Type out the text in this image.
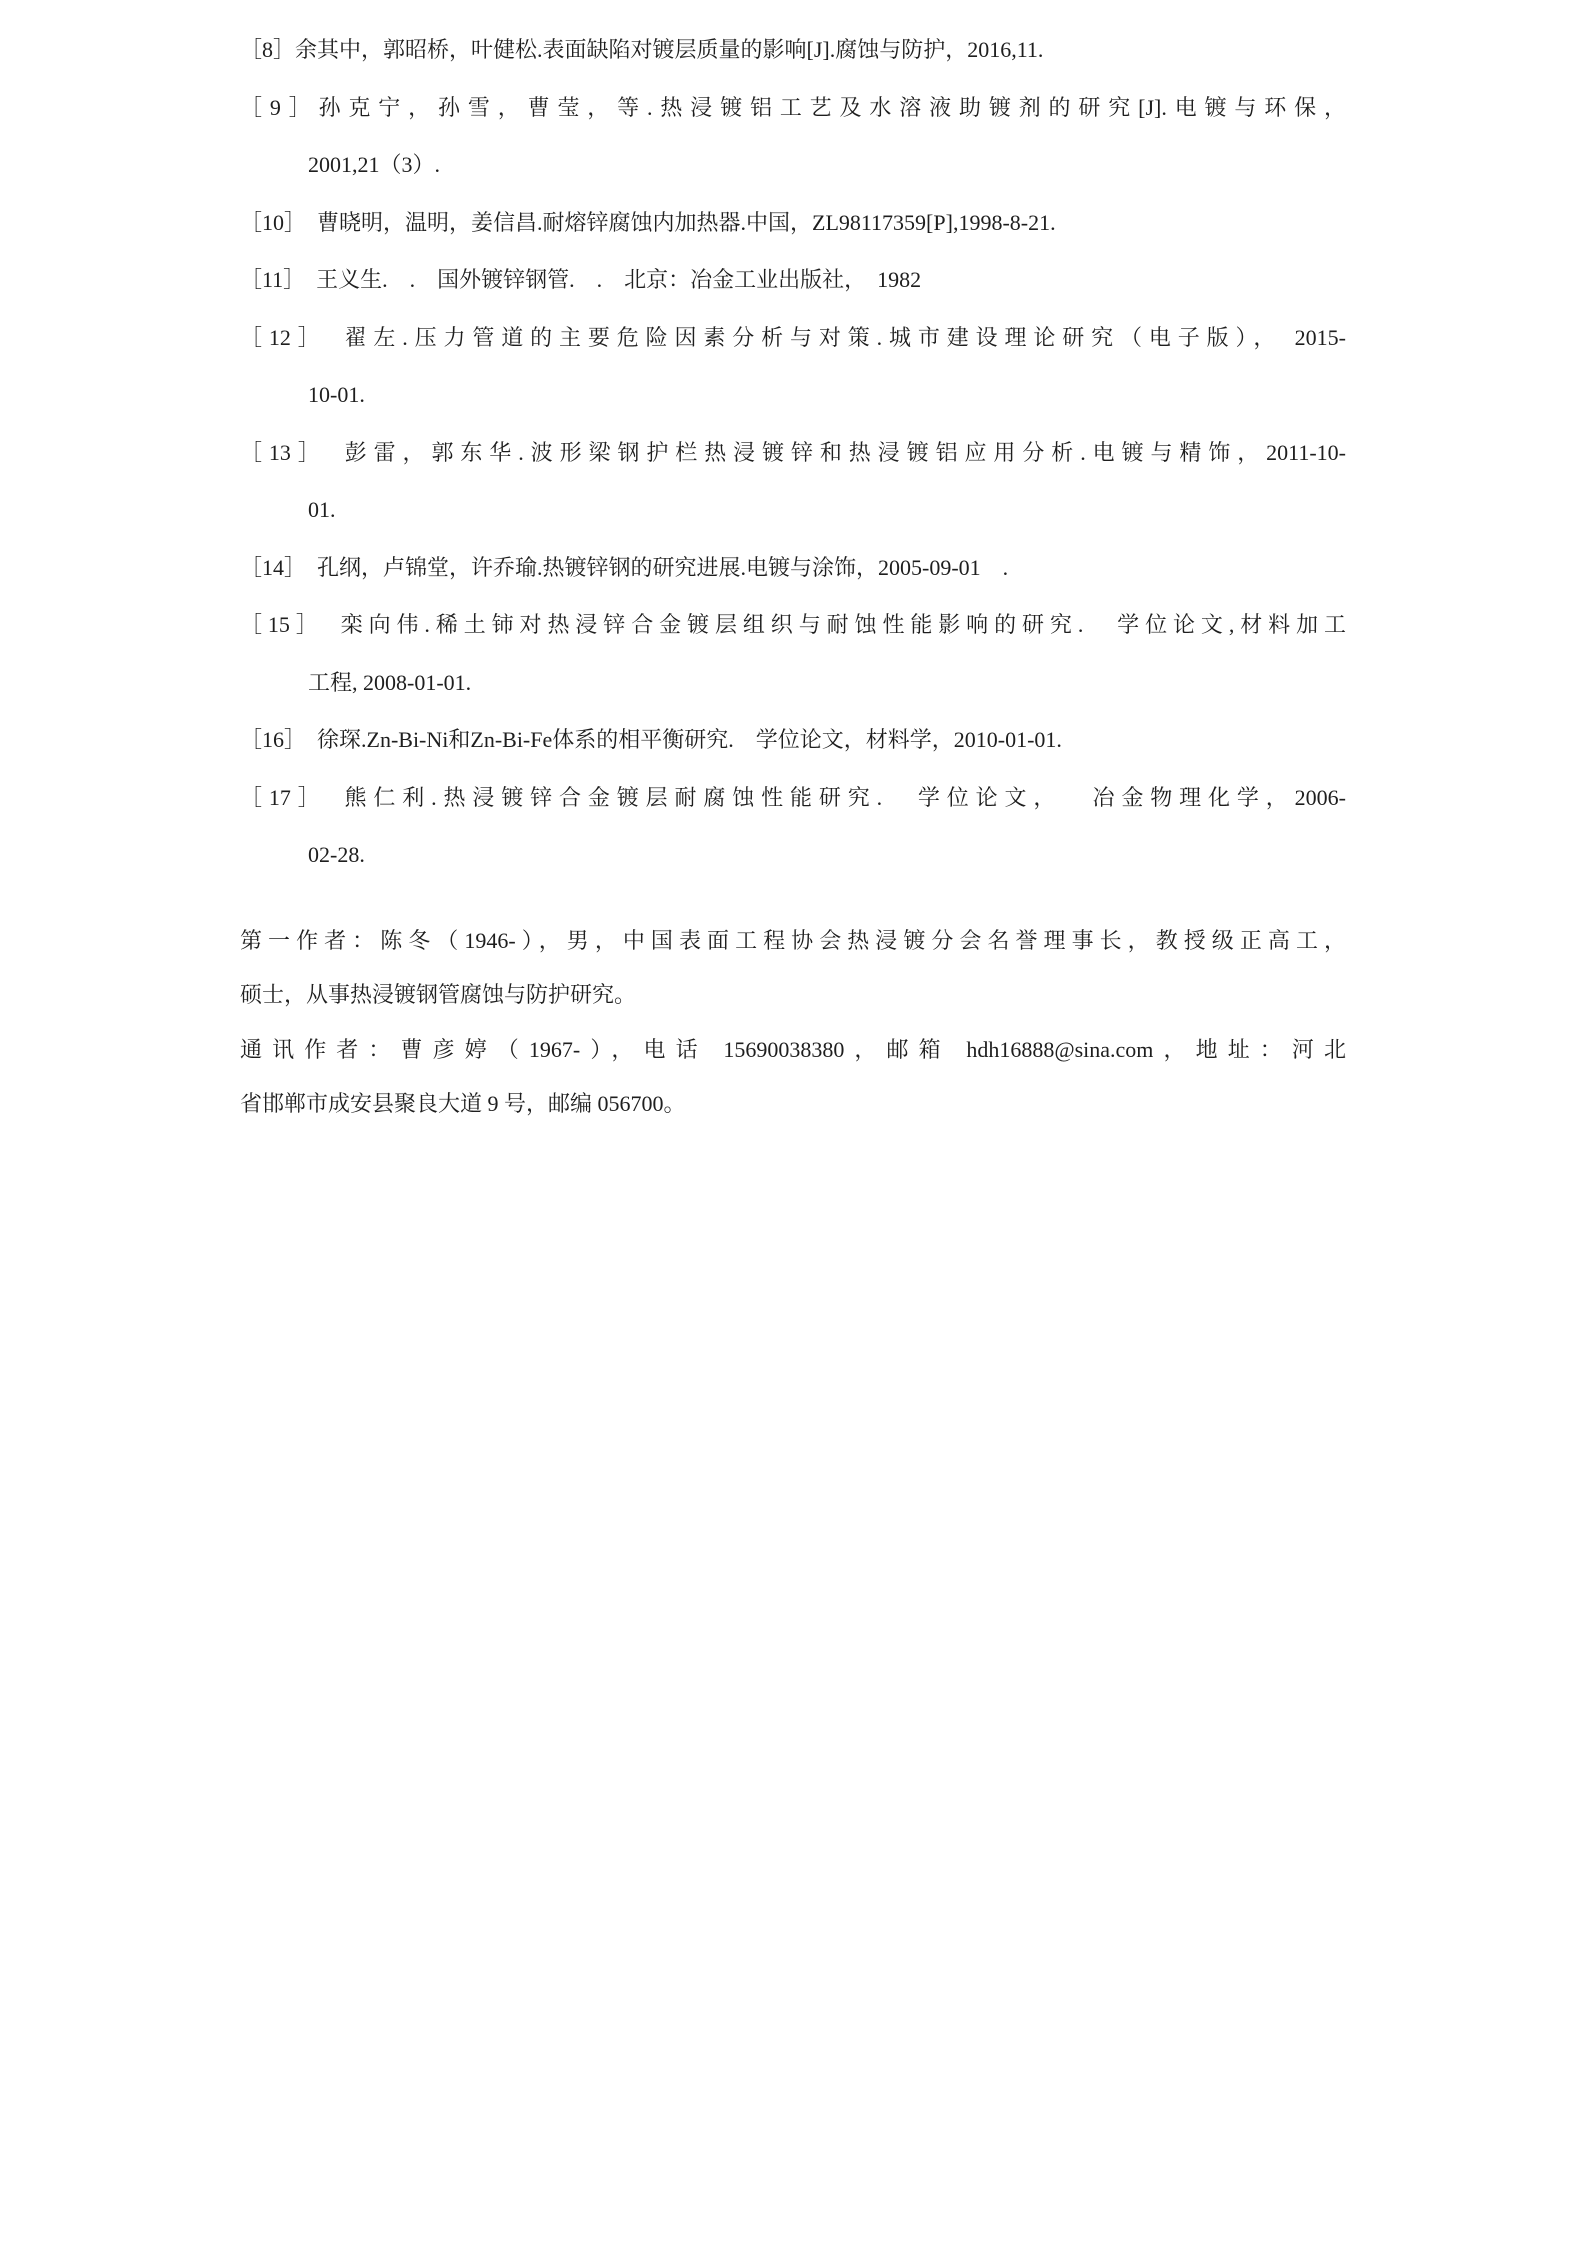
［8］余其中，郭昭桥，叶健松.表面缺陷对镀层质量的影响[J].腐蚀与防护，2016,11.
［9］孙克宁，孙雪，曹莹，等.热浸镀铝工艺及水溶液助镀剂的研究[J].电镀与环保，
2001,21（3）.
［10］　曹晓明，温明，姜信昌.耐熔锌腐蚀内加热器.中国，ZL98117359[P],1998-8-21.
［11］　王义生.　.　国外镀锌钢管.　.　北京：冶金工业出版社，　1982
［12］　翟左.压力管道的主要危险因素分析与对策.城市建设理论研究（电子版）， 2015-
10-01.
［13］　彭雷，郭东华.波形梁钢护栏热浸镀锌和热浸镀铝应用分析.电镀与精饰，2011-10-
01.
［14］　孔纲，卢锦堂，许乔瑜.热镀锌钢的研究进展.电镀与涂饰，2005-09-01　.
［15］　栾向伟.稀土铈对热浸锌合金镀层组织与耐蚀性能影响的研究.　学位论文,材料加工
工程, 2008-01-01.
［16］　徐琛.Zn-Bi-Ni和Zn-Bi-Fe体系的相平衡研究.　学位论文，材料学，2010-01-01.
［17］　熊仁利.热浸镀锌合金镀层耐腐蚀性能研究.　学位论文，　 冶金物理化学，2006-
02-28.
第一作者：陈冬（1946-），男，中国表面工程协会热浸镀分会名誉理事长，教授级正高工，
硕士，从事热浸镀钢管腐蚀与防护研究。
通讯作者：曹彦婷（1967-），电话 15690038380，邮箱 hdh16888@sina.com，地址：河北
省邯郸市成安县聚良大道 9 号，邮编 056700。
